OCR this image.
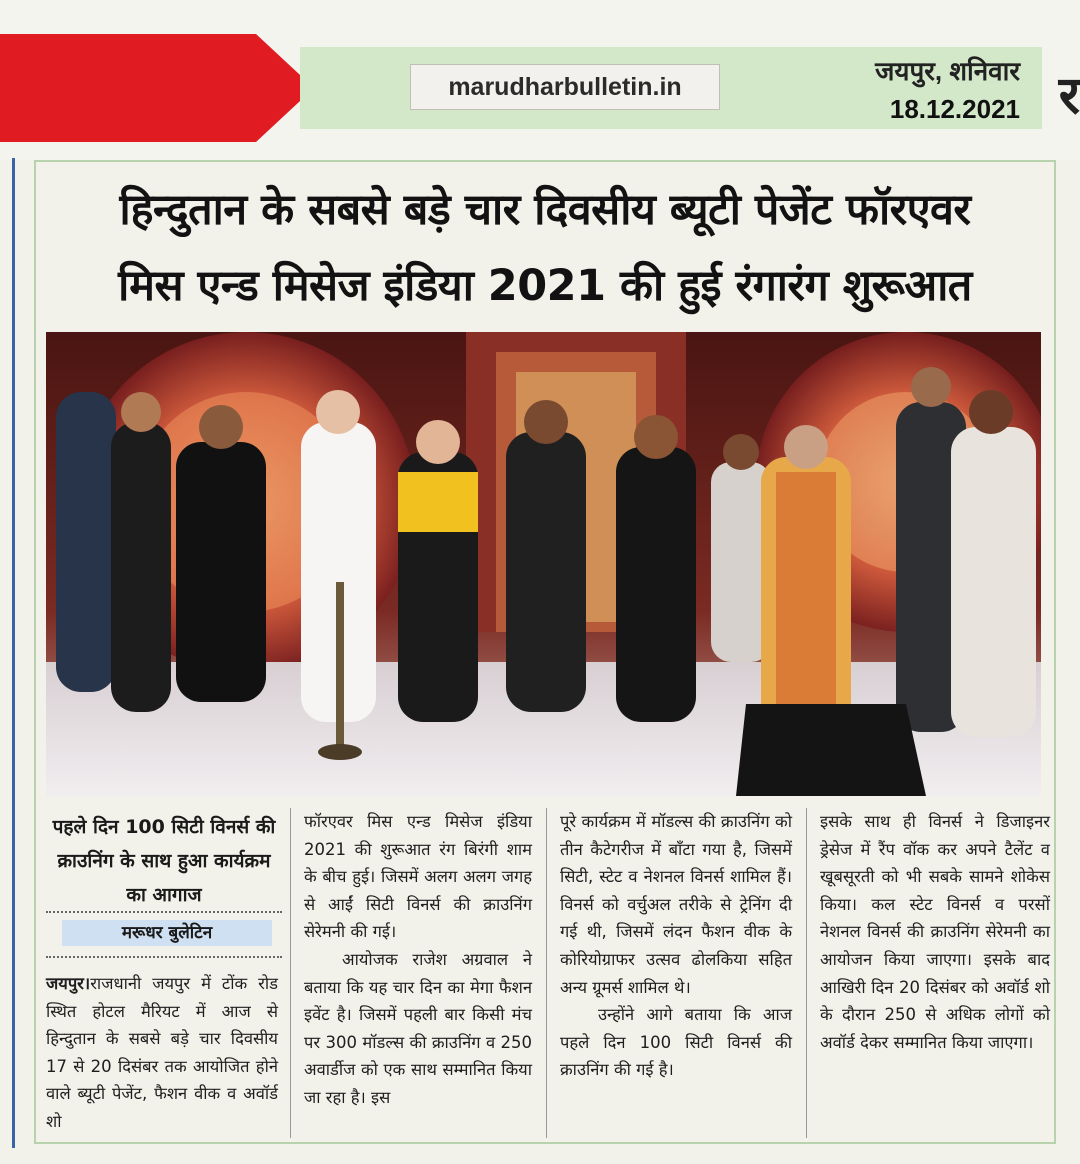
marudharbulletin.in
जयपुर, शनिवार
18.12.2021 र
हिन्दुतान के सबसे बड़े चार दिवसीय ब्यूटी पेजेंट फॉरएवर
मिस एन्ड मिसेज इंडिया 2021 की हुई रंगारंग शुरूआत
पहले दिन 100 सिटी विनर्स की क्राउनिंग के साथ हुआ कार्यक्रम का आगाज
मरूधर बुलेटिन

जयपुर।राजधानी जयपुर में टोंक रोड स्थित होटल मैरियट में आज से हिन्दुतान के सबसे बड़े चार दिवसीय 17 से 20 दिसंबर तक आयोजित होने वाले ब्यूटी पेजेंट, फैशन वीक व अवॉर्ड शो

फॉरएवर मिस एन्ड मिसेज इंडिया 2021 की शुरूआत रंग बिरंगी शाम के बीच हुई। जिसमें अलग अलग जगह से आईं सिटी विनर्स की क्राउनिंग सेरेमनी की गई।

आयोजक राजेश अग्रवाल ने बताया कि यह चार दिन का मेगा फैशन इवेंट है। जिसमें पहली बार किसी मंच पर 300 मॉडल्स की क्राउनिंग व 250 अवार्डीज को एक साथ सम्मानित किया जा रहा है। इस

पूरे कार्यक्रम में मॉडल्स की क्राउनिंग को तीन कैटेगरीज में बाँटा गया है, जिसमें सिटी, स्टेट व नेशनल विनर्स शामिल हैं। विनर्स को वर्चुअल तरीके से ट्रेनिंग दी गई थी, जिसमें लंदन फैशन वीक के कोरियोग्राफर उत्सव ढोलकिया सहित अन्य ग्रूमर्स शामिल थे।

उन्होंने आगे बताया कि आज पहले दिन 100 सिटी विनर्स की क्राउनिंग की गई है।

इसके साथ ही विनर्स ने डिजाइनर ड्रेसेज में रैंप वॉक कर अपने टैलेंट व खूबसूरती को भी सबके सामने शोकेस किया। कल स्टेट विनर्स व परसों नेशनल विनर्स की क्राउनिंग सेरेमनी का आयोजन किया जाएगा। इसके बाद आखिरी दिन 20 दिसंबर को अवॉर्ड शो के दौरान 250 से अधिक लोगों को अवॉर्ड देकर सम्मानित किया जाएगा।
